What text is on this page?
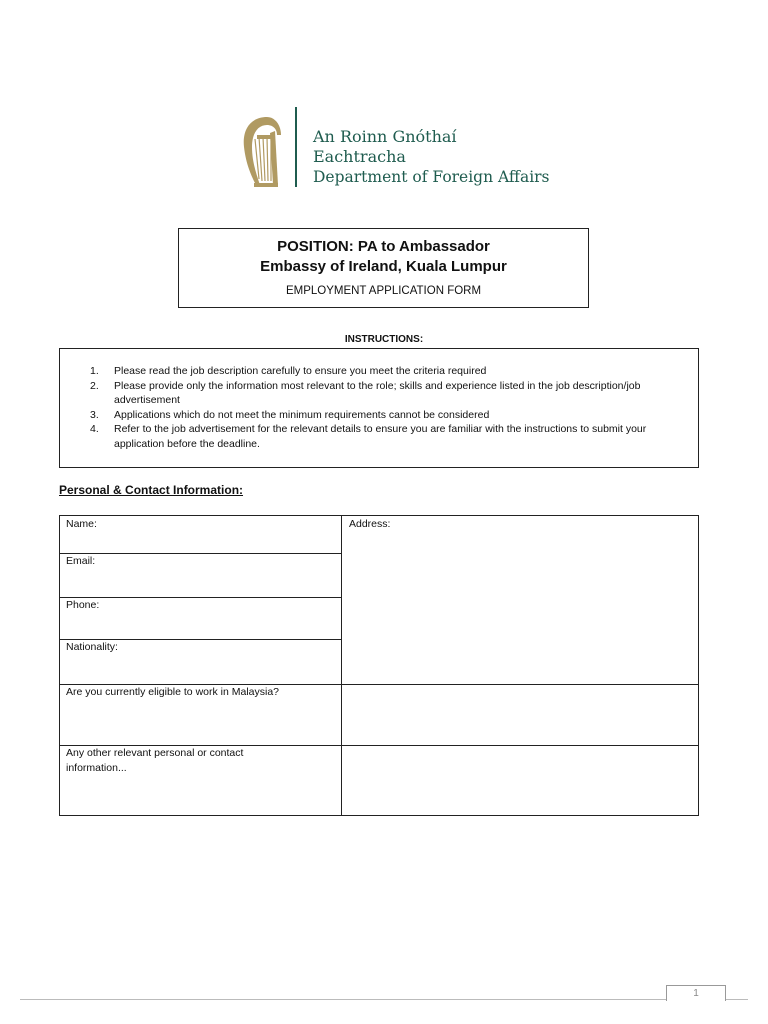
An Roinn Gnóthaí Eachtracha
Department of Foreign Affairs
POSITION: PA to Ambassador
Embassy of Ireland, Kuala Lumpur
EMPLOYMENT APPLICATION FORM
INSTRUCTIONS:
1. Please read the job description carefully to ensure you meet the criteria required
2. Please provide only the information most relevant to the role; skills and experience listed in the job description/job advertisement
3. Applications which do not meet the minimum requirements cannot be considered
4. Refer to the job advertisement for the relevant details to ensure you are familiar with the instructions to submit your application before the deadline.
Personal & Contact Information:
Name:
Email:
Phone:
Nationality:
Address:
Are you currently eligible to work in Malaysia?
Any other relevant personal or contact information...
1
